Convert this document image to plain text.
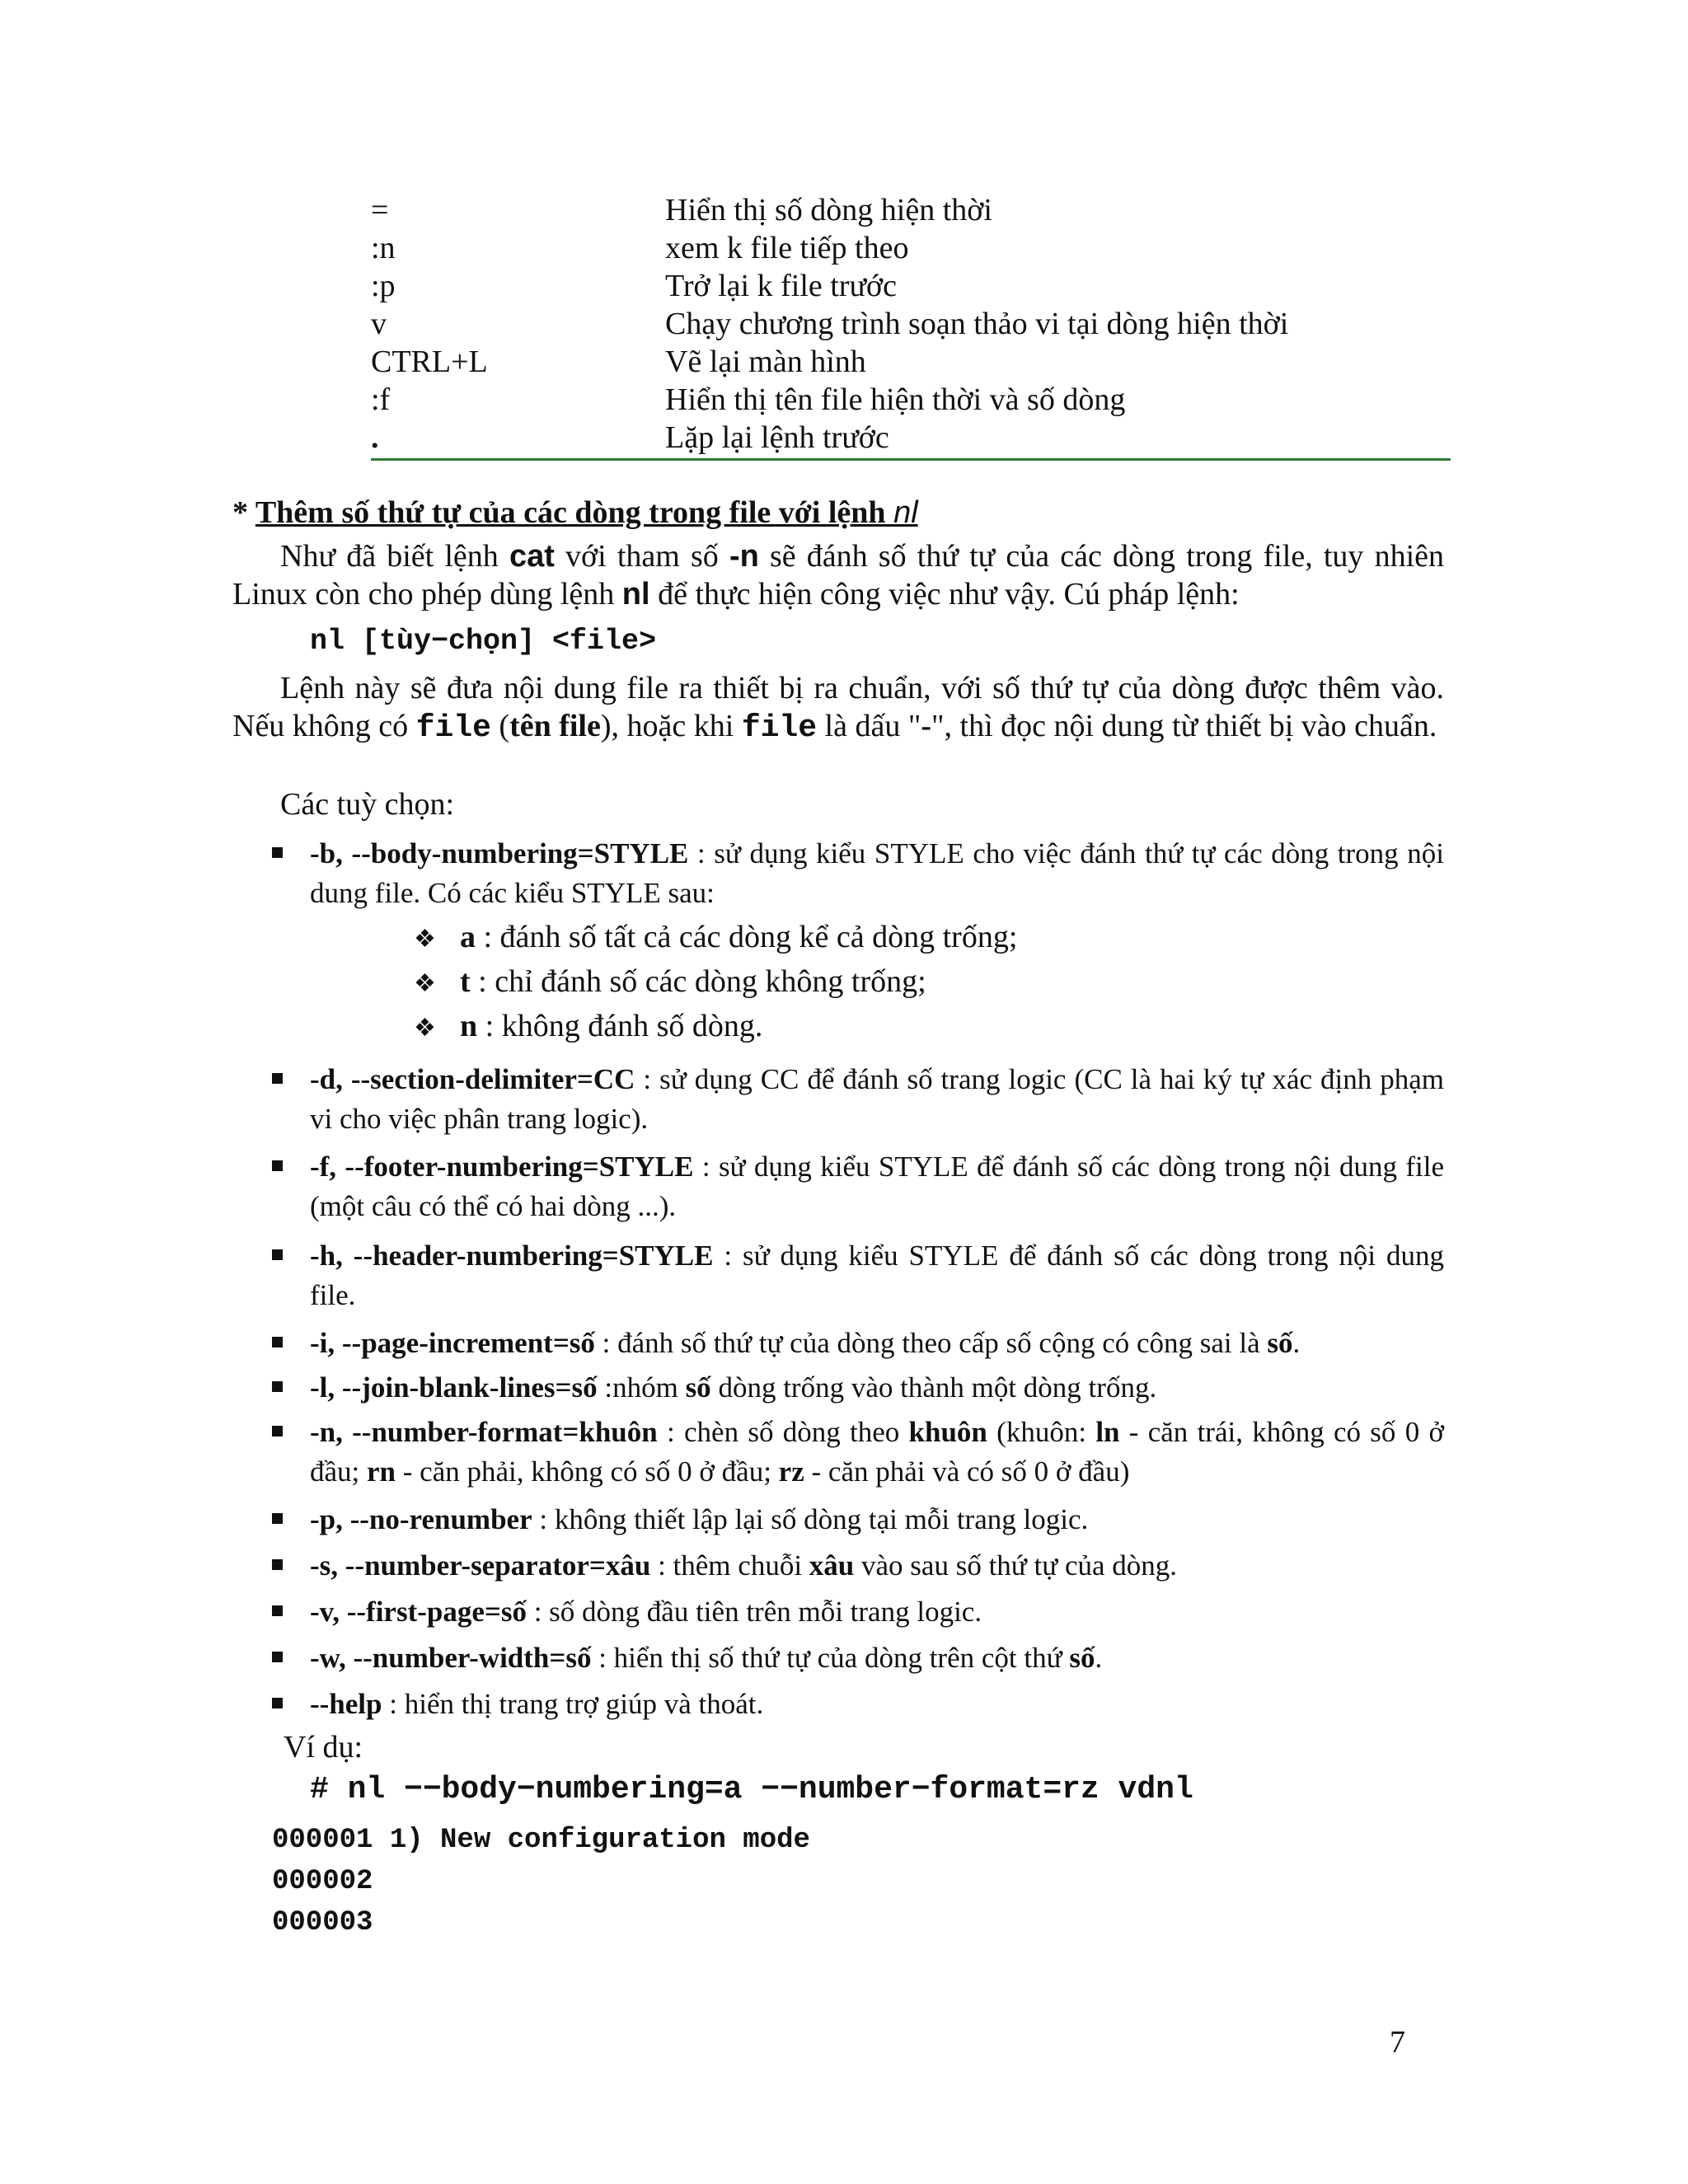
=	Hiển thị số dòng hiện thời
:n	xem k file tiếp theo
:p	Trở lại k file trước
v	Chạy chương trình soạn thảo vi tại dòng hiện thời
CTRL+L	Vẽ lại màn hình
:f	Hiển thị tên file hiện thời và số dòng
.	Lặp lại lệnh trước
* Thêm số thứ tự của các dòng trong file với lệnh nl
Như đã biết lệnh cat với tham số -n sẽ đánh số thứ tự của các dòng trong file, tuy nhiên Linux còn cho phép dùng lệnh nl để thực hiện công việc như vậy. Cú pháp lệnh:
nl [tùy−chọn] <file>
Lệnh này sẽ đưa nội dung file ra thiết bị ra chuẩn, với số thứ tự của dòng được thêm vào. Nếu không có file (tên file), hoặc khi file là dấu "-", thì đọc nội dung từ thiết bị vào chuẩn.
Các tuỳ chọn:
-b, --body-numbering=STYLE : sử dụng kiểu STYLE cho việc đánh thứ tự các dòng trong nội dung file. Có các kiểu STYLE sau:
❖ a : đánh số tất cả các dòng kể cả dòng trống;
❖ t : chỉ đánh số các dòng không trống;
❖ n : không đánh số dòng.
-d, --section-delimiter=CC : sử dụng CC để đánh số trang logic (CC là hai ký tự xác định phạm vi cho việc phân trang logic).
-f, --footer-numbering=STYLE : sử dụng kiểu STYLE để đánh số các dòng trong nội dung file (một câu có thể có hai dòng ...).
-h, --header-numbering=STYLE : sử dụng kiểu STYLE để đánh số các dòng trong nội dung file.
-i, --page-increment=số : đánh số thứ tự của dòng theo cấp số cộng có công sai là số.
-l, --join-blank-lines=số :nhóm số dòng trống vào thành một dòng trống.
-n, --number-format=khuôn : chèn số dòng theo khuôn (khuôn: ln - căn trái, không có số 0 ở đầu; rn - căn phải, không có số 0 ở đầu; rz - căn phải và có số 0 ở đầu)
-p, --no-renumber : không thiết lập lại số dòng tại mỗi trang logic.
-s, --number-separator=xâu : thêm chuỗi xâu vào sau số thứ tự của dòng.
-v, --first-page=số : số dòng đầu tiên trên mỗi trang logic.
-w, --number-width=số : hiển thị số thứ tự của dòng trên cột thứ số.
--help : hiển thị trang trợ giúp và thoát.
Ví dụ:
# nl −−body−numbering=a −−number−format=rz vdnl
000001 1) New configuration mode
000002
000003
7
